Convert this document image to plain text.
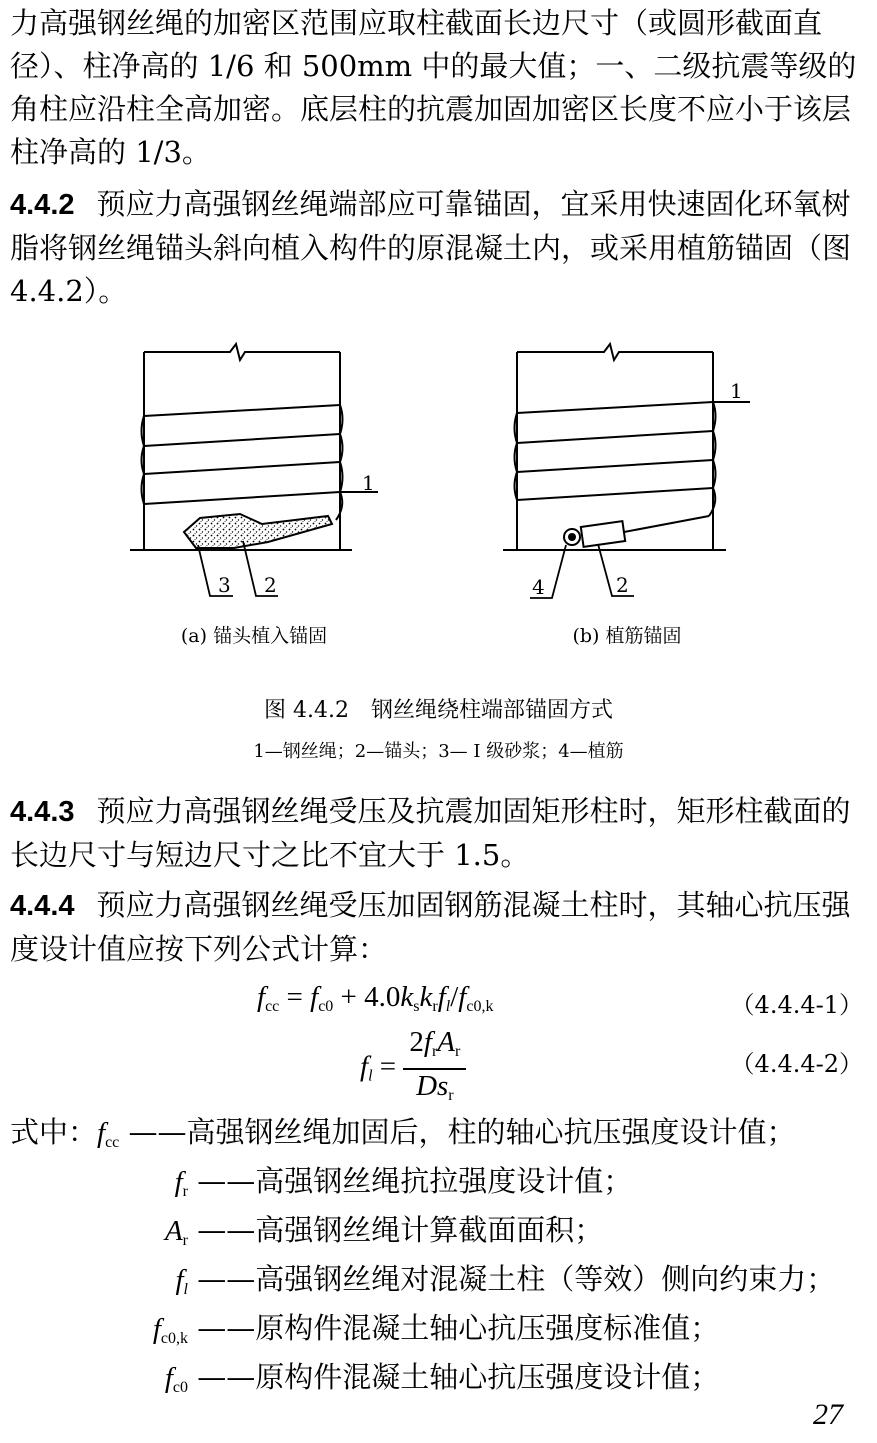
力高强钢丝绳的加密区范围应取柱截面长边尺寸（或圆形截面直径）、柱净高的 1/6 和 500mm 中的最大值；一、二级抗震等级的角柱应沿柱全高加密。底层柱的抗震加固加密区长度不应小于该层柱净高的 1/3。

4.4.2 预应力高强钢丝绳端部应可靠锚固，宜采用快速固化环氧树脂将钢丝绳锚头斜向植入构件的原混凝土内，或采用植筋锚固（图 4.4.2）。

1
3 2
(a) 锚头植入锚固
1
4	2
(b) 植筋锚固
图 4.4.2　钢丝绳绕柱端部锚固方式
1—钢丝绳；2—锚头；3— Ⅰ 级砂浆；4—植筋

4.4.3 预应力高强钢丝绳受压及抗震加固矩形柱时，矩形柱截面的长边尺寸与短边尺寸之比不宜大于 1.5。

4.4.4 预应力高强钢丝绳受压加固钢筋混凝土柱时，其轴心抗压强度设计值应按下列公式计算：

$f_{cc} = f_{c0} + 4.0k_sk_rf_l/f_{c0,k}$	（4.4.4-1）
$f_l = \frac{2f_rA_r}{Ds_r}$	（4.4.4-2）
式中：$f_{cc}$ ——高强钢丝绳加固后，柱的轴心抗压强度设计值；
$f_r$ ——高强钢丝绳抗拉强度设计值；
$A_r$ ——高强钢丝绳计算截面面积；
$f_l$ ——高强钢丝绳对混凝土柱（等效）侧向约束力；
$f_{c0,k}$ ——原构件混凝土轴心抗压强度标准值；
$f_{c0}$ ——原构件混凝土轴心抗压强度设计值；
27
